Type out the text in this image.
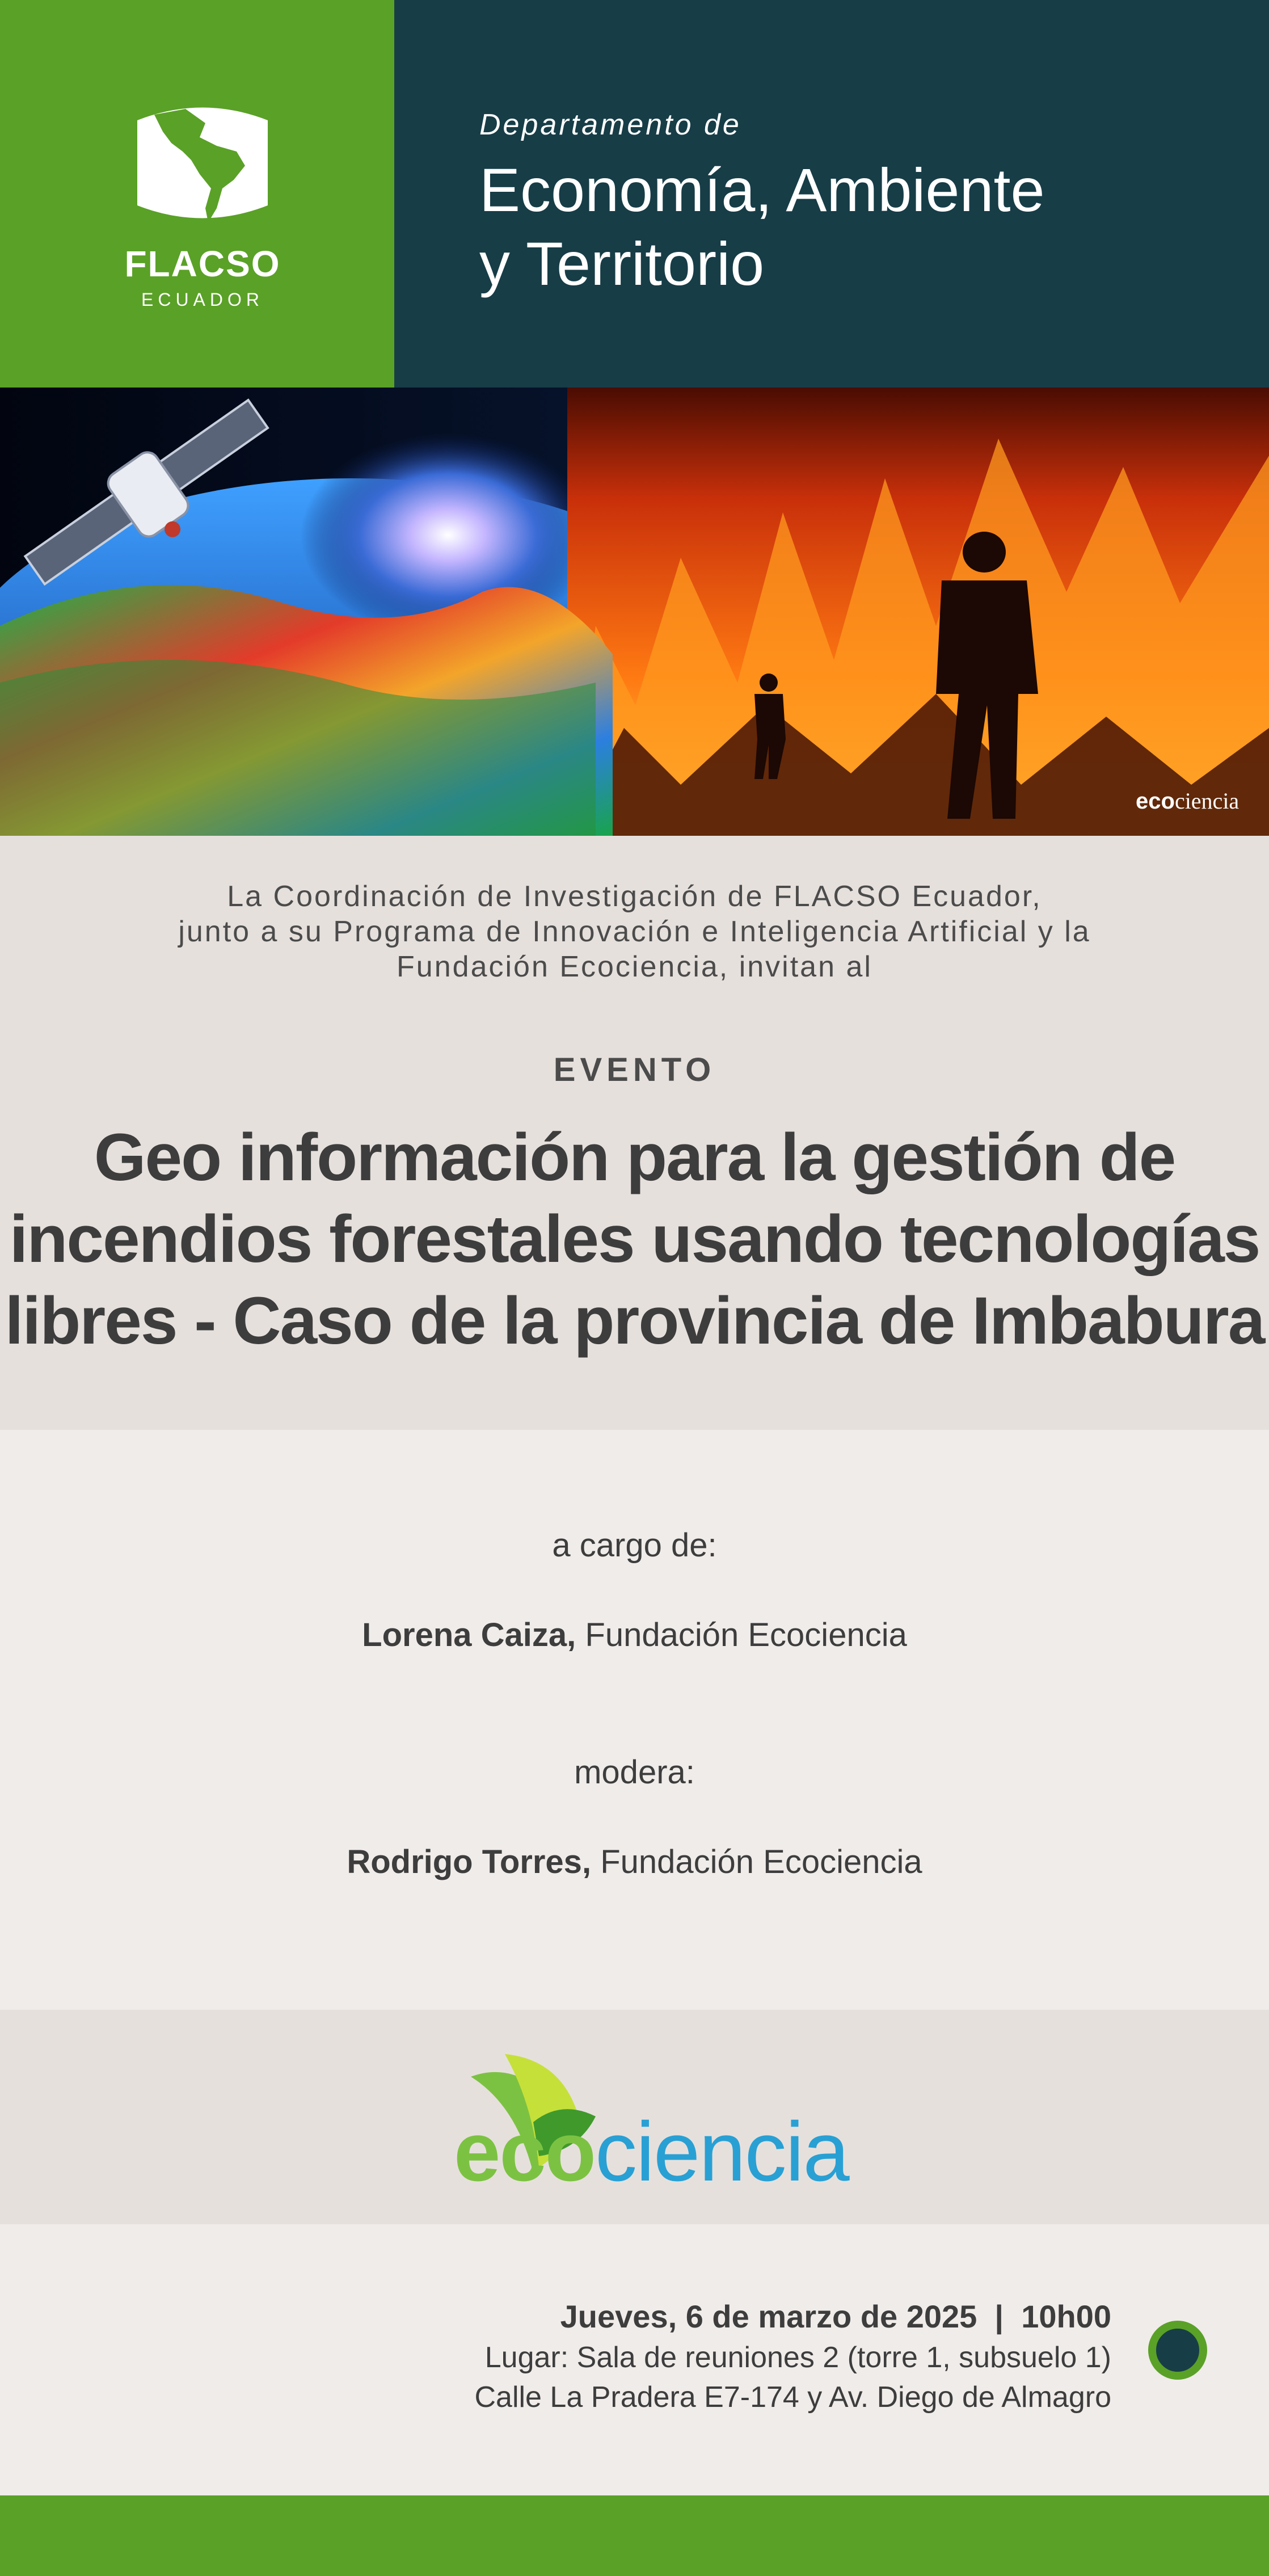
FLACSO
ECUADOR
Departamento de
Economía, Ambiente
y Territorio
ecociencia
La Coordinación de Investigación de FLACSO Ecuador,
junto a su Programa de Innovación e Inteligencia Artificial y la
Fundación Ecociencia, invitan al
EVENTO
Geo información para la gestión de
incendios forestales usando tecnologías
libres - Caso de la provincia de Imbabura
a cargo de:
Lorena Caiza, Fundación Ecociencia
modera:
Rodrigo Torres, Fundación Ecociencia
ecociencia
Jueves, 6 de marzo de 2025  |  10h00
Lugar: Sala de reuniones 2 (torre 1, subsuelo 1)
Calle La Pradera E7-174 y Av. Diego de Almagro
